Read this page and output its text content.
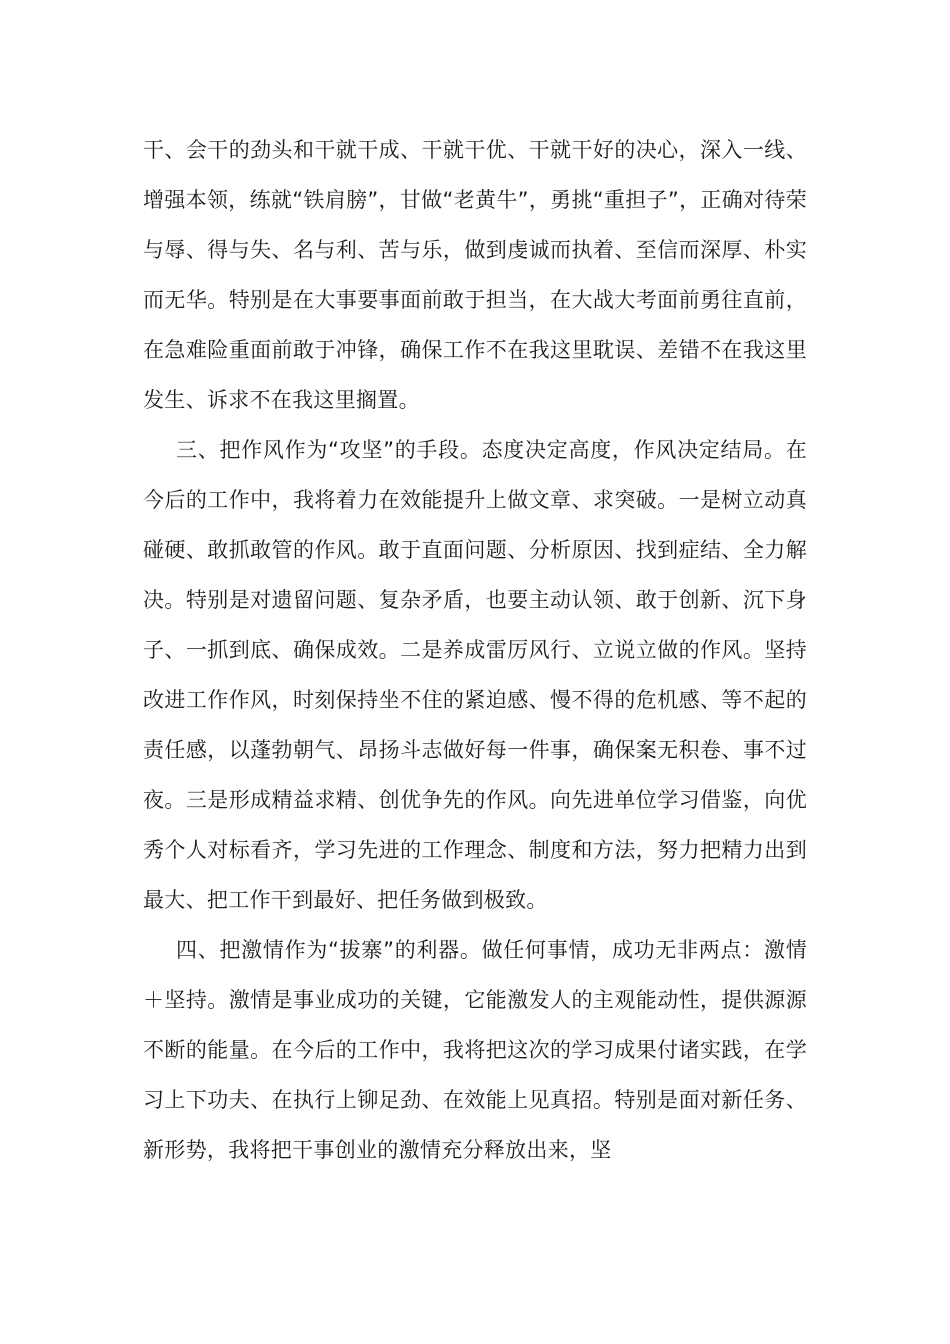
干、会干的劲头和干就干成、干就干优、干就干好的决心，深入一线、增强本领，练就“铁肩膀”，甘做“老黄牛”，勇挑“重担子”，正确对待荣与辱、得与失、名与利、苦与乐，做到虔诚而执着、至信而深厚、朴实而无华。特别是在大事要事面前敢于担当，在大战大考面前勇往直前，在急难险重面前敢于冲锋，确保工作不在我这里耽误、差错不在我这里发生、诉求不在我这里搁置。

三、把作风作为“攻坚”的手段。态度决定高度，作风决定结局。在今后的工作中，我将着力在效能提升上做文章、求突破。一是树立动真碰硬、敢抓敢管的作风。敢于直面问题、分析原因、找到症结、全力解决。特别是对遗留问题、复杂矛盾，也要主动认领、敢于创新、沉下身子、一抓到底、确保成效。二是养成雷厉风行、立说立做的作风。坚持改进工作作风，时刻保持坐不住的紧迫感、慢不得的危机感、等不起的责任感，以蓬勃朝气、昂扬斗志做好每一件事，确保案无积卷、事不过夜。三是形成精益求精、创优争先的作风。向先进单位学习借鉴，向优秀个人对标看齐，学习先进的工作理念、制度和方法，努力把精力出到最大、把工作干到最好、把任务做到极致。

四、把激情作为“拔寨”的利器。做任何事情，成功无非两点：激情＋坚持。激情是事业成功的关键，它能激发人的主观能动性，提供源源不断的能量。在今后的工作中，我将把这次的学习成果付诸实践，在学习上下功夫、在执行上铆足劲、在效能上见真招。特别是面对新任务、新形势，我将把干事创业的激情充分释放出来，坚
